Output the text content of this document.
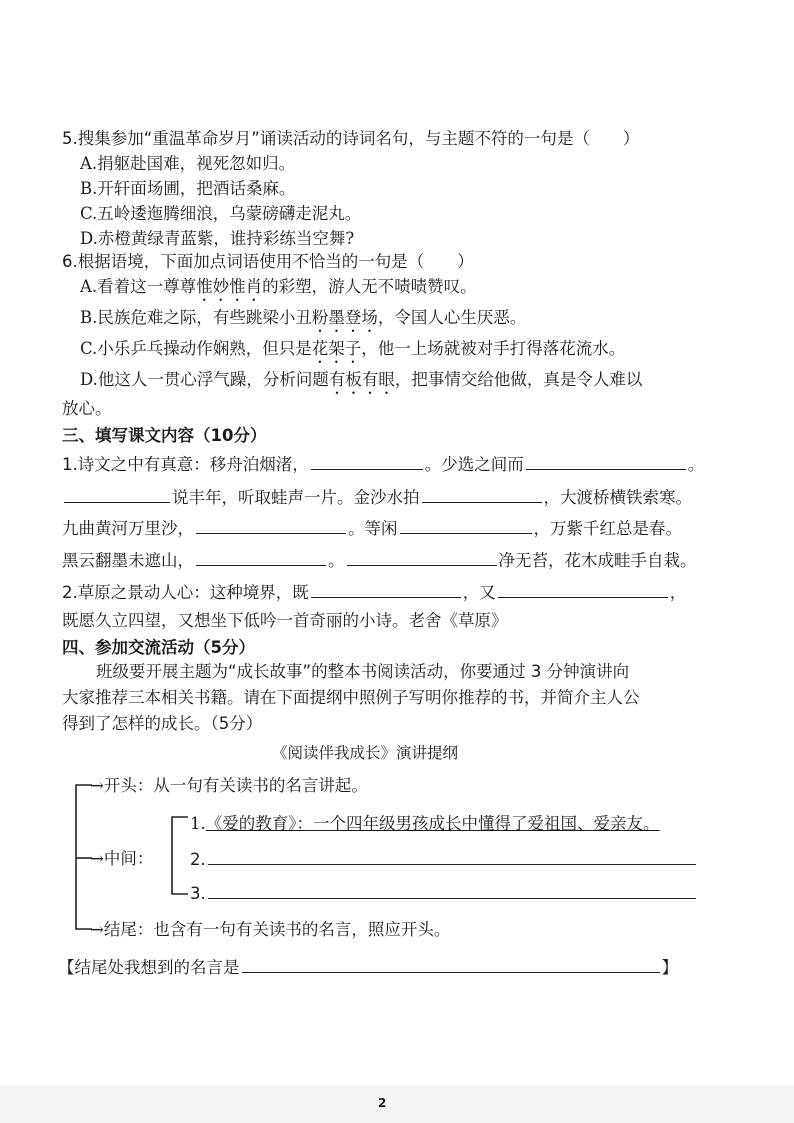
5.搜集参加“重温革命岁月”诵读活动的诗词名句，与主题不符的一句是（　　）
A.捐躯赴国难，视死忽如归。
B.开轩面场圃，把酒话桑麻。
C.五岭逶迤腾细浪，乌蒙磅礴走泥丸。
D.赤橙黄绿青蓝紫，谁持彩练当空舞?
6.根据语境，下面加点词语使用不恰当的一句是（　　）
A.看着这一尊尊惟妙惟肖的彩塑，游人无不啧啧赞叹。
B.民族危难之际，有些跳梁小丑粉墨登场，令国人心生厌恶。
C.小乐乒乓操动作娴熟，但只是花架子，他一上场就被对手打得落花流水。
D.他这人一贯心浮气躁，分析问题有板有眼，把事情交给他做，真是令人难以
放心。
三、填写课文内容（10分）
1.诗文之中有真意：移舟泊烟渚，	。少选之间而	。
说丰年，听取蛙声一片。金沙水拍	，大渡桥横铁索寒。
九曲黄河万里沙，	。等闲	，万紫千红总是春。
黑云翻墨未遮山，	。	净无苔，花木成畦手自栽。
2.草原之景动人心：这种境界，既	，又	，
既愿久立四望，又想坐下低吟一首奇丽的小诗。老舍《草原》
四、参加交流活动（5分）
班级要开展主题为“成长故事”的整本书阅读活动，你要通过 3 分钟演讲向
大家推荐三本相关书籍。请在下面提纲中照例子写明你推荐的书，并简介主人公
得到了怎样的成长。（5分）
《阅读伴我成长》演讲提纲
→开头：从一句有关读书的名言讲起。
→中间：
1.《爱的教育》：一个四年级男孩成长中懂得了爱祖国、爱亲友。
2.
3.
→结尾：也含有一句有关读书的名言，照应开头。
【结尾处我想到的名言是	】
2
